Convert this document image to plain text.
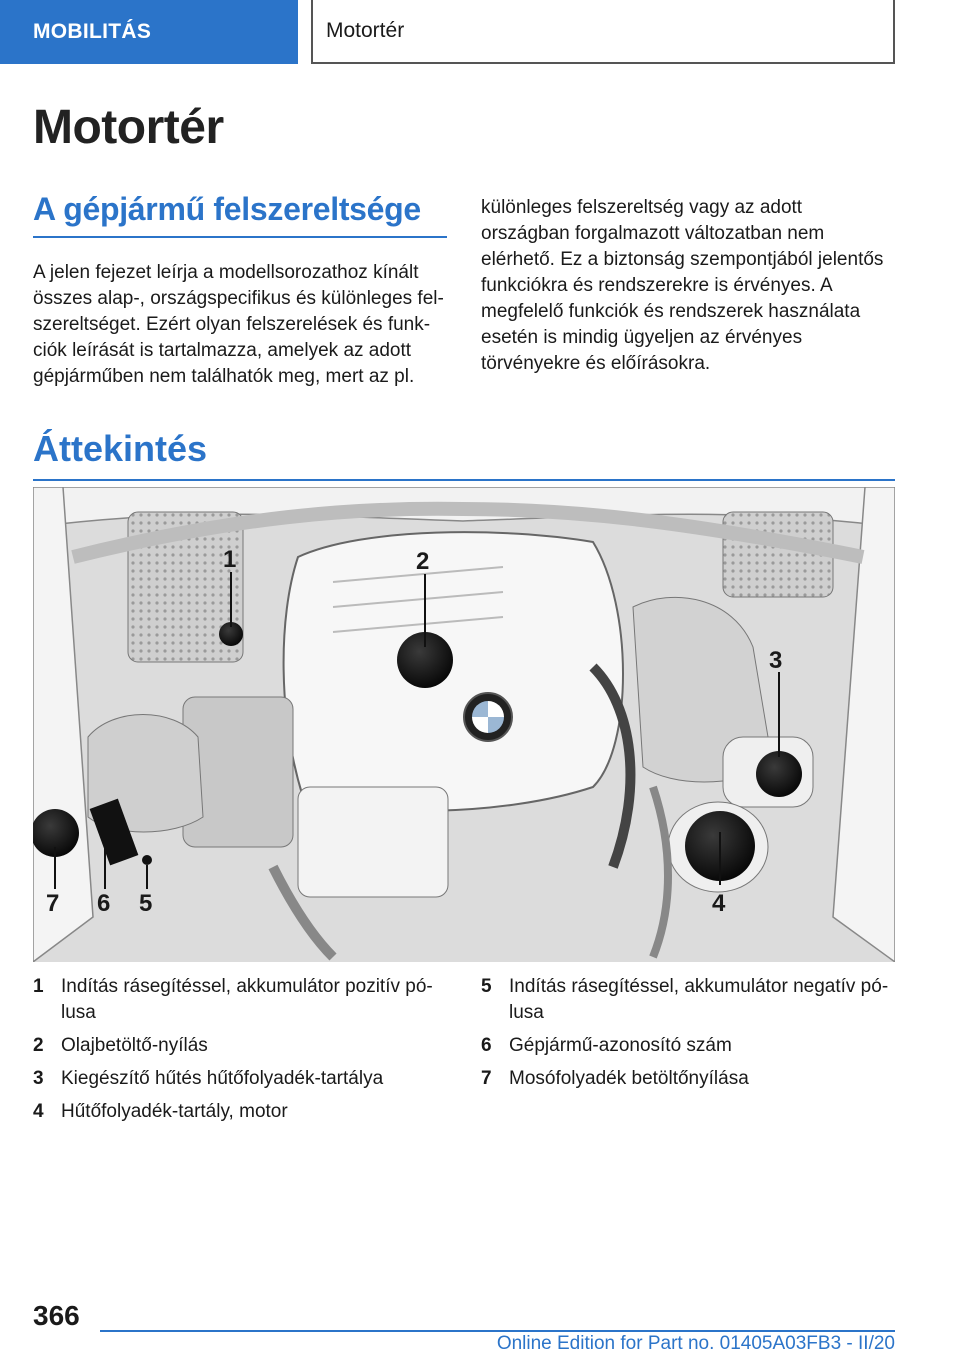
MOBILITÁS	Motortér
Motortér
A gépjármű felszereltsége

A jelen fejezet leírja a modellsorozathoz kínált összes alap-, országspecifikus és különleges felszereltséget. Ezért olyan felszerelések és funkciók leírását is tartalmazza, amelyek az adott gépjárműben nem találhatók meg, mert az pl.

különleges felszereltség vagy az adott országban forgalmazott változatban nem elérhető. Ez a biztonság szempontjából jelentős funkciókra és rendszerekre is érvényes. A megfelelő funkciók és rendszerek használata esetén is mindig ügyeljen az érvényes törvényekre és előírásokra.

Áttekintés
1	2
3
4
5
6
7
1 Indítás rásegítéssel, akkumulátor pozitív pólusa
2 Olajbetöltő-nyílás
3 Kiegészítő hűtés hűtőfolyadék-tartálya
4 Hűtőfolyadék-tartály, motor
5 Indítás rásegítéssel, akkumulátor negatív pólusa
6 Gépjármű-azonosító szám
7 Mosófolyadék betöltőnyílása
366
Online Edition for Part no. 01405A03FB3 - II/20
